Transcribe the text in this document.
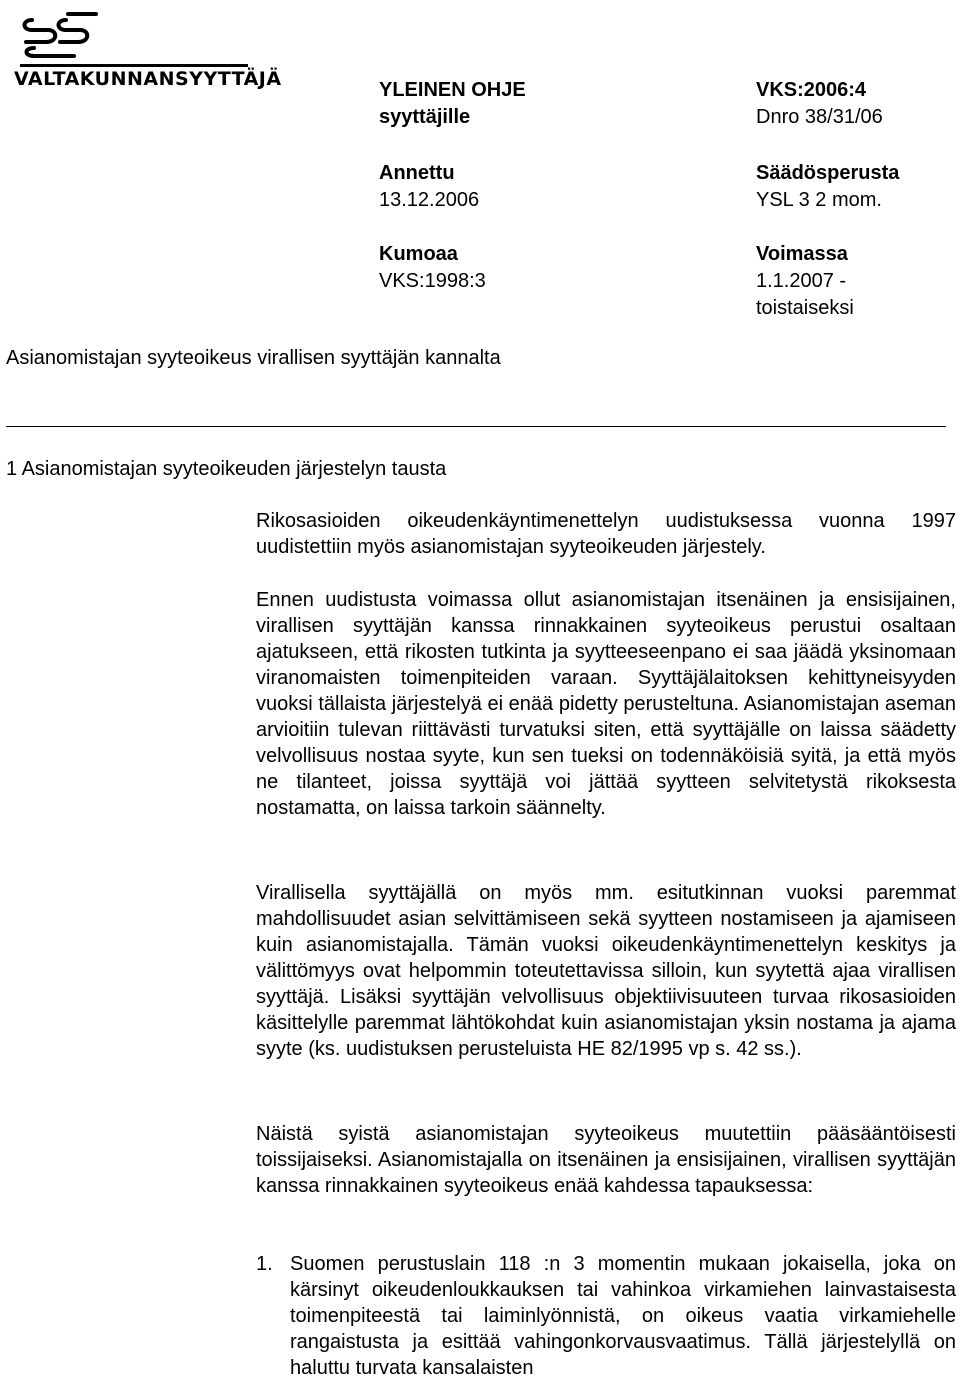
VALTAKUNNANSYYTTÄJÄ	YLEINEN OHJE
syyttäjille
Annettu
13.12.2006
Kumoaa
VKS:1998:3
VKS:2006:4
Dnro 38/31/06
Säädösperusta
YSL 3 2 mom.
Voimassa
1.1.2007 -
toistaiseksi
Asianomistajan syyteoikeus virallisen syyttäjän kannalta
1 Asianomistajan syyteoikeuden järjestelyn tausta

Rikosasioiden oikeudenkäyntimenettelyn uudistuksessa vuonna 1997 uudistettiin myös asianomistajan syyteoikeuden järjestely.

Ennen uudistusta voimassa ollut asianomistajan itsenäinen ja ensisijainen, virallisen syyttäjän kanssa rinnakkainen syyteoikeus perustui osaltaan ajatukseen, että rikosten tutkinta ja syytteeseenpano ei saa jäädä yksinomaan viranomaisten toimenpiteiden varaan. Syyttäjälaitoksen kehittyneisyyden vuoksi tällaista järjestelyä ei enää pidetty perusteltuna. Asianomistajan aseman arvioitiin tulevan riittävästi turvatuksi siten, että syyttäjälle on laissa säädetty velvollisuus nostaa syyte, kun sen tueksi on todennäköisiä syitä, ja että myös ne tilanteet, joissa syyttäjä voi jättää syytteen selvitetystä rikoksesta nostamatta, on laissa tarkoin säännelty.

Virallisella syyttäjällä on myös mm. esitutkinnan vuoksi paremmat mahdollisuudet asian selvittämiseen sekä syytteen nostamiseen ja ajamiseen kuin asianomistajalla. Tämän vuoksi oikeudenkäyntimenettelyn keskitys ja välittömyys ovat helpommin toteutettavissa silloin, kun syytettä ajaa virallisen syyttäjä. Lisäksi syyttäjän velvollisuus objektiivisuuteen turvaa rikosasioiden käsittelylle paremmat lähtökohdat kuin asianomistajan yksin nostama ja ajama syyte (ks. uudistuksen perusteluista HE 82/1995 vp s. 42 ss.).

Näistä syistä asianomistajan syyteoikeus muutettiin pääsääntöisesti toissijaiseksi. Asianomistajalla on itsenäinen ja ensisijainen, virallisen syyttäjän kanssa rinnakkainen syyteoikeus enää kahdessa tapauksessa:

1. Suomen perustuslain 118 :n 3 momentin mukaan jokaisella, joka on kärsinyt oikeudenloukkauksen tai vahinkoa virkamiehen lainvastaisesta toimenpiteestä tai laiminlyönnistä, on oikeus vaatia virkamiehelle rangaistusta ja esittää vahingonkorvausvaatimus. Tällä järjestelyllä on haluttu turvata kansalaisten
